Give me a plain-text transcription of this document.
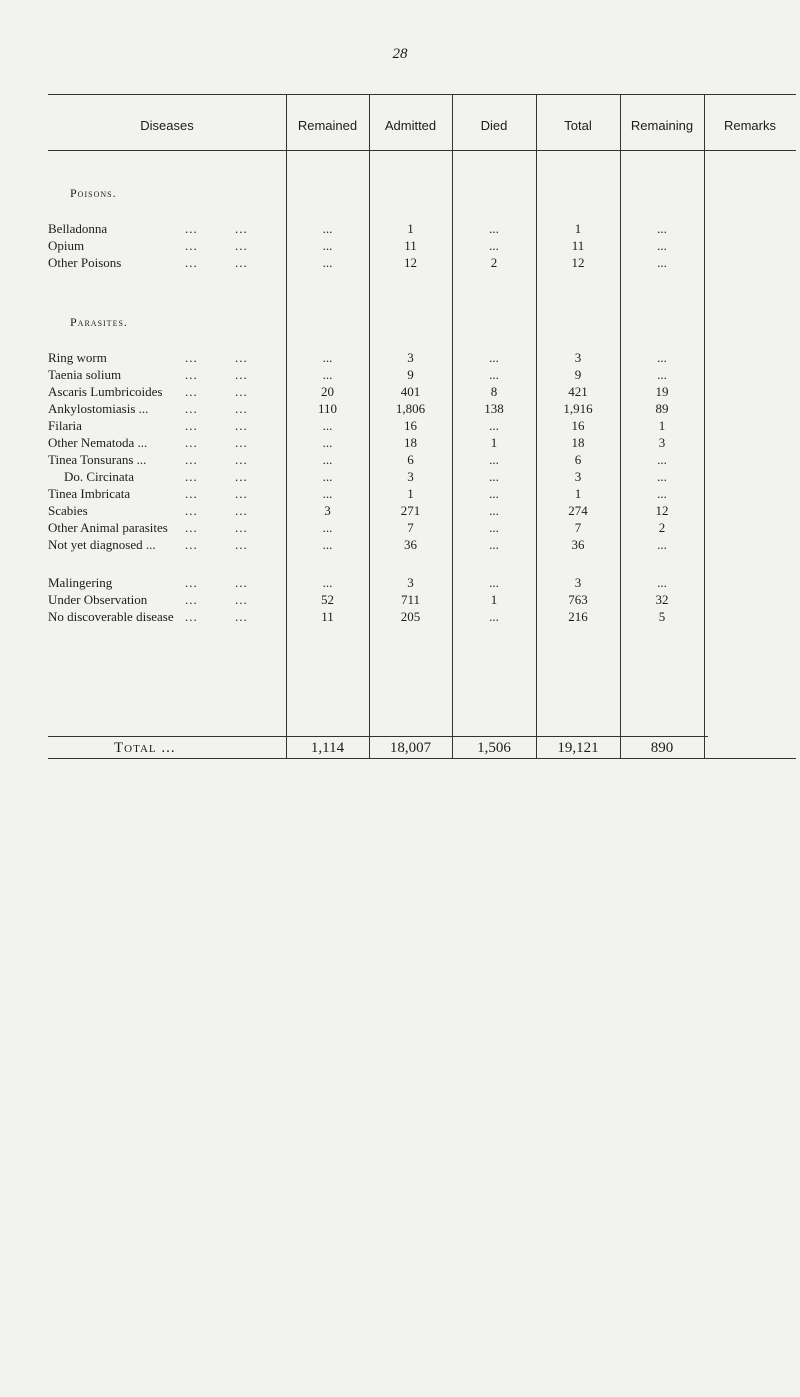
28
Diseases	Remained	Admitted	Died	Total	Remaining	Remarks
Poisons.
Parasites.
Belladonna	...	...	...	1	...	1	...
Opium	...	...	...	11	...	11	...
Other Poisons	...	...	...	12	2	12	...
Ring worm	...	...	...	3	...	3	...
Taenia solium	...	...	...	9	...	9	...
Ascaris Lumbricoides ...	...	20	401	8	421	19
Ankylostomiasis ...	...	...	110	1,806	138	1,916	89
Filaria	...	...	...	16	...	16	1
Other Nematoda ...	...	...	...	18	1	18	3
Tinea Tonsurans ...	...	...	...	6	...	6	...
Do. Circinata	...	...	...	3	...	3	...
Tinea Imbricata	...	...	...	1	...	1	...
Scabies	...	...	3	271	...	274	12
Other Animal parasites ...	...	...	7	...	7	2
Not yet diagnosed ... ...	...	...	36	...	36	...
Malingering	...	...	...	3	...	3	...
Under Observation	...	...	52	711	1	763	32
No discoverable disease ...	...	11	205	...	216	5
Total ...	1,114	18,007	1,506	19,121	890
